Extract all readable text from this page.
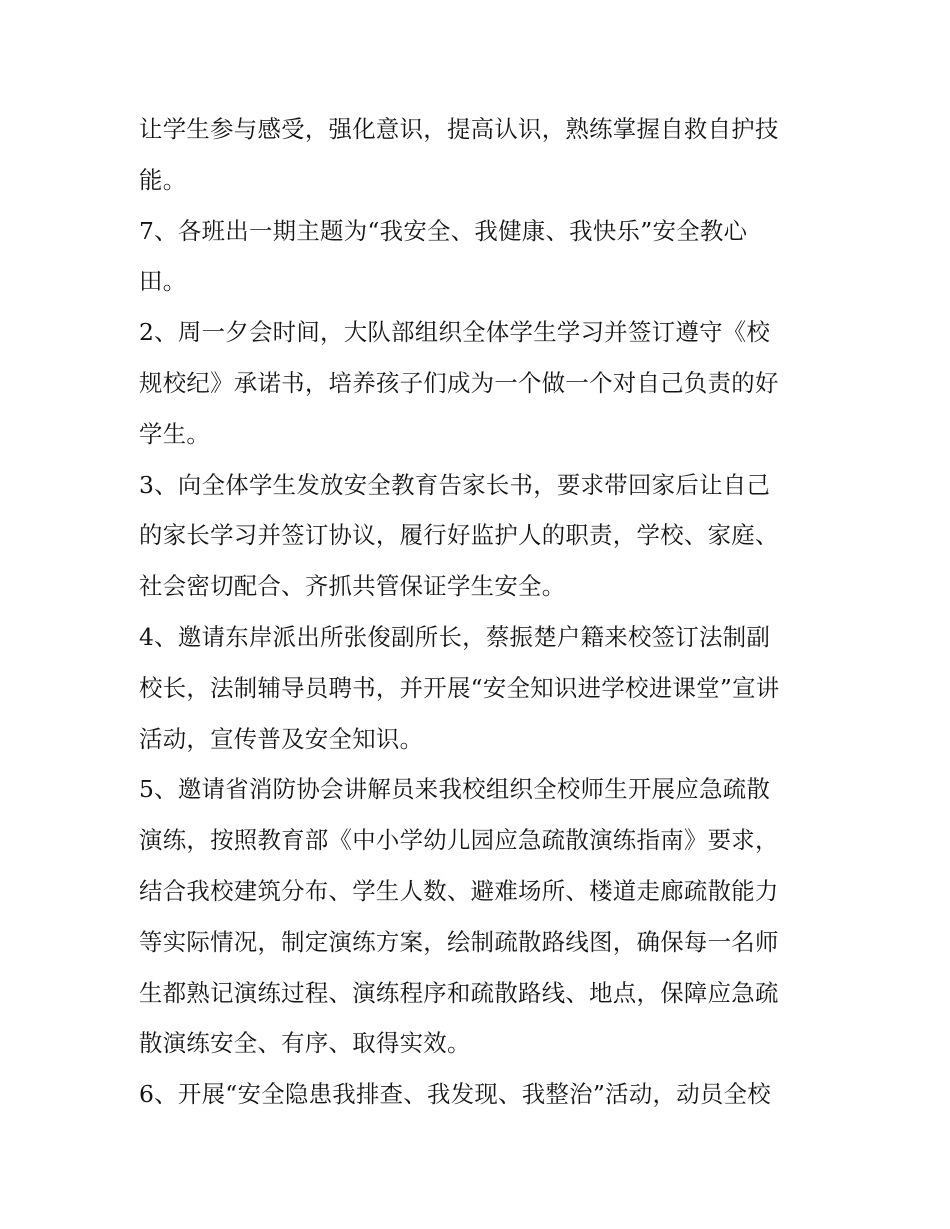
让学生参与感受，强化意识，提高认识，熟练掌握自救自护技
能。
7、各班出一期主题为“我安全、我健康、我快乐”安全教心
田。
2、周一夕会时间，大队部组织全体学生学习并签订遵守《校
规校纪》承诺书，培养孩子们成为一个做一个对自己负责的好
学生。
3、向全体学生发放安全教育告家长书，要求带回家后让自己
的家长学习并签订协议，履行好监护人的职责，学校、家庭、
社会密切配合、齐抓共管保证学生安全。
4、邀请东岸派出所张俊副所长，蔡振楚户籍来校签订法制副
校长，法制辅导员聘书，并开展“安全知识进学校进课堂”宣讲
活动，宣传普及安全知识。
5、邀请省消防协会讲解员来我校组织全校师生开展应急疏散
演练，按照教育部《中小学幼儿园应急疏散演练指南》要求，
结合我校建筑分布、学生人数、避难场所、楼道走廊疏散能力
等实际情况，制定演练方案，绘制疏散路线图，确保每一名师
生都熟记演练过程、演练程序和疏散路线、地点，保障应急疏
散演练安全、有序、取得实效。
6、开展“安全隐患我排查、我发现、我整治”活动，动员全校
